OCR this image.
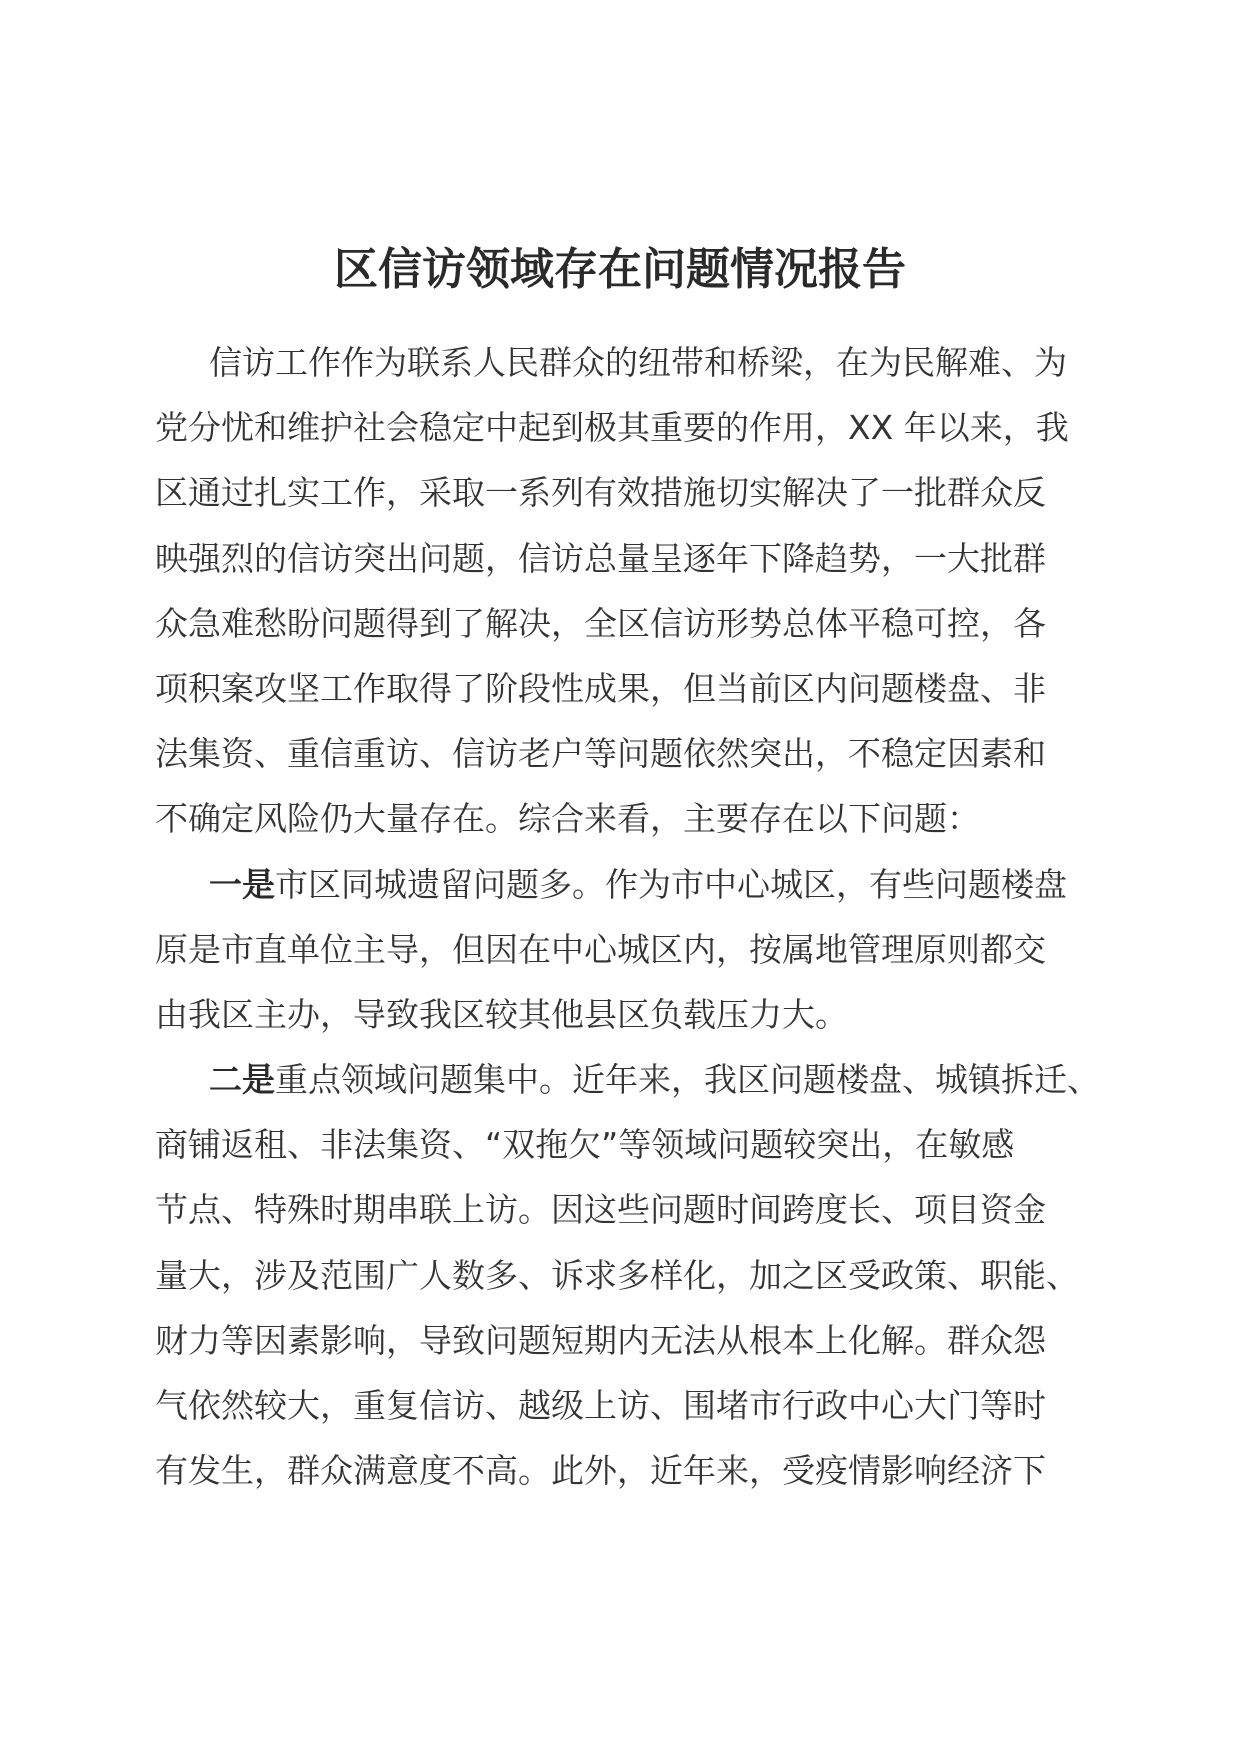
区信访领域存在问题情况报告
信访工作作为联系人民群众的纽带和桥梁，在为民解难、为
党分忧和维护社会稳定中起到极其重要的作用，XX 年以来，我
区通过扎实工作，采取一系列有效措施切实解决了一批群众反
映强烈的信访突出问题，信访总量呈逐年下降趋势，一大批群
众急难愁盼问题得到了解决，全区信访形势总体平稳可控，各
项积案攻坚工作取得了阶段性成果，但当前区内问题楼盘、非
法集资、重信重访、信访老户等问题依然突出，不稳定因素和
不确定风险仍大量存在。综合来看，主要存在以下问题：
一是市区同城遗留问题多。作为市中心城区，有些问题楼盘
原是市直单位主导，但因在中心城区内，按属地管理原则都交
由我区主办，导致我区较其他县区负载压力大。
二是重点领域问题集中。近年来，我区问题楼盘、城镇拆迁、
商铺返租、非法集资、“双拖欠”等领域问题较突出，在敏感
节点、特殊时期串联上访。因这些问题时间跨度长、项目资金
量大，涉及范围广人数多、诉求多样化，加之区受政策、职能、
财力等因素影响，导致问题短期内无法从根本上化解。群众怨
气依然较大，重复信访、越级上访、围堵市行政中心大门等时
有发生，群众满意度不高。此外，近年来，受疫情影响经济下
